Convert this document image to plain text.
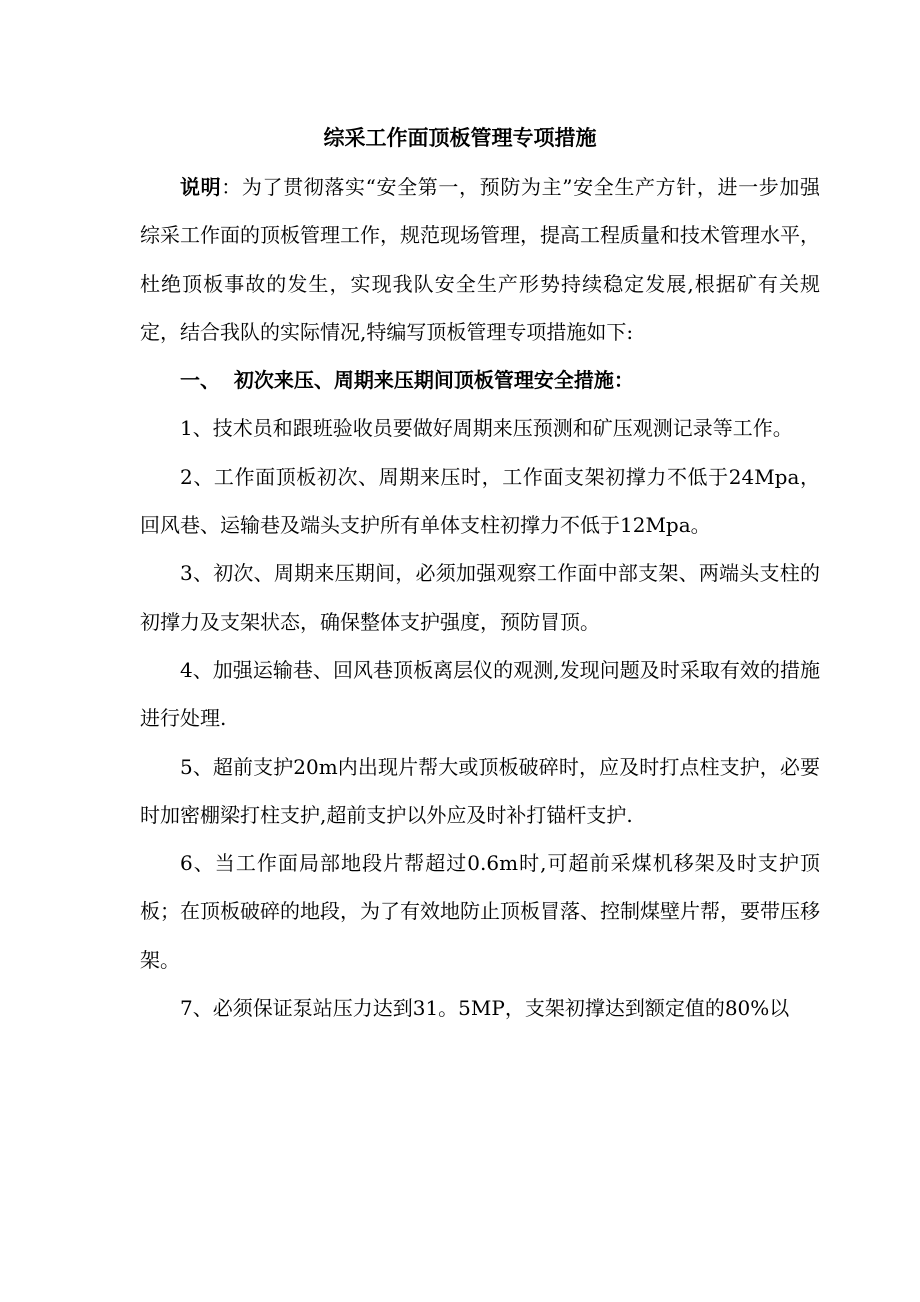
综采工作面顶板管理专项措施

说明：为了贯彻落实“安全第一，预防为主”安全生产方针，进一步加强综采工作面的顶板管理工作，规范现场管理，提高工程质量和技术管理水平，杜绝顶板事故的发生，实现我队安全生产形势持续稳定发展,根据矿有关规定，结合我队的实际情况,特编写顶板管理专项措施如下:

一、  初次来压、周期来压期间顶板管理安全措施：

1、技术员和跟班验收员要做好周期来压预测和矿压观测记录等工作。

2、工作面顶板初次、周期来压时，工作面支架初撑力不低于24Mpa，回风巷、运输巷及端头支护所有单体支柱初撑力不低于12Mpa。

3、初次、周期来压期间，必须加强观察工作面中部支架、两端头支柱的初撑力及支架状态，确保整体支护强度，预防冒顶。

4、加强运输巷、回风巷顶板离层仪的观测,发现问题及时采取有效的措施进行处理.

5、超前支护20m内出现片帮大或顶板破碎时，应及时打点柱支护，必要时加密棚梁打柱支护,超前支护以外应及时补打锚杆支护.

6、当工作面局部地段片帮超过0.6m时,可超前采煤机移架及时支护顶板；在顶板破碎的地段，为了有效地防止顶板冒落、控制煤壁片帮，要带压移架。

7、必须保证泵站压力达到31。5MP，支架初撑达到额定值的80%以
